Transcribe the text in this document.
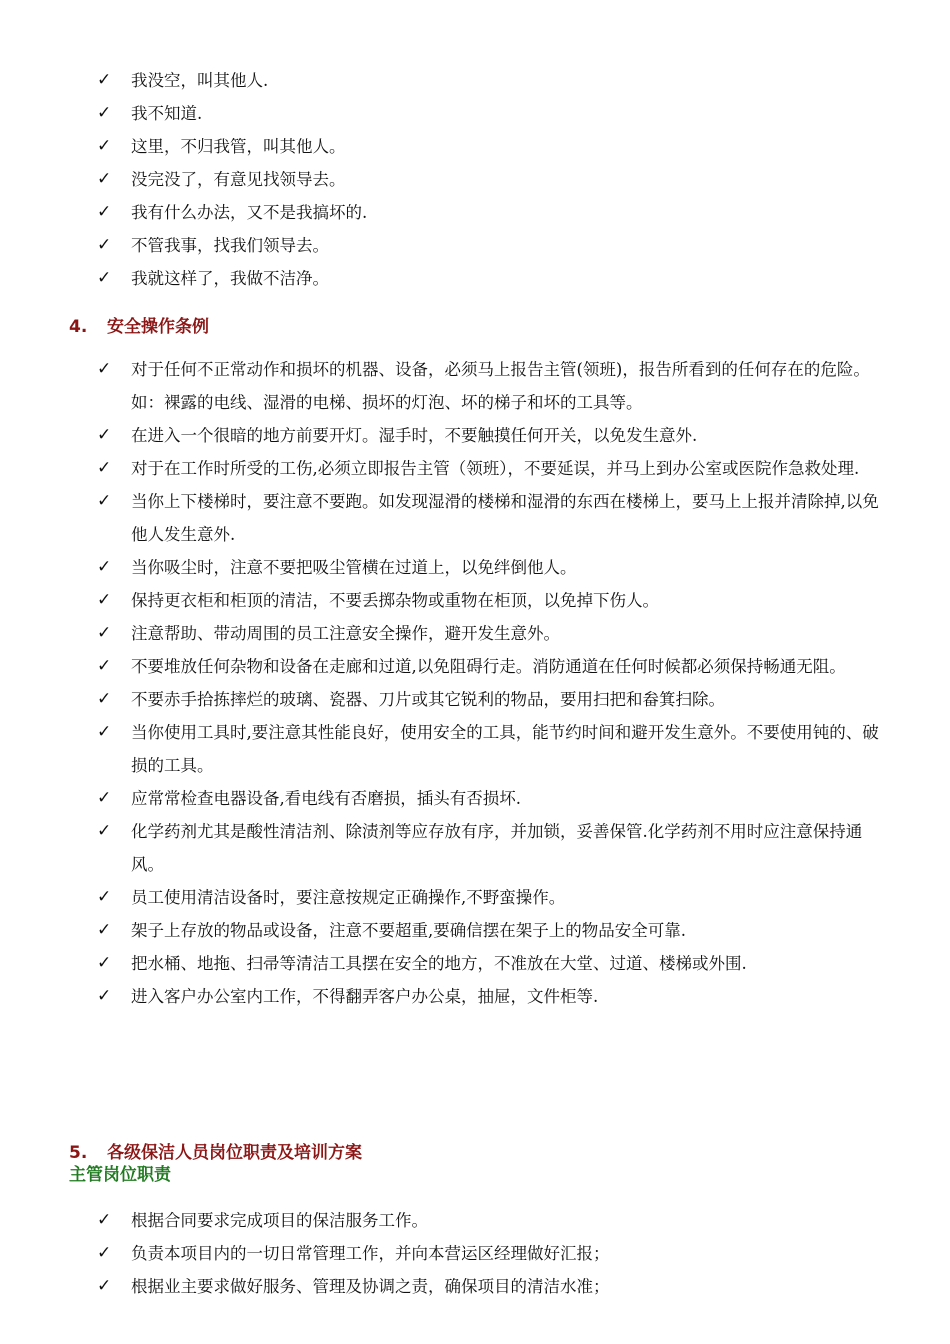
✓ 我没空，叫其他人.
✓ 我不知道.
✓ 这里，不归我管，叫其他人。
✓ 没完没了，有意见找领导去。
✓ 我有什么办法，又不是我搞坏的.
✓ 不管我事，找我们领导去。
✓ 我就这样了，我做不洁净。
4. 安全操作条例
✓ 对于任何不正常动作和损坏的机器、设备，必须马上报告主管(领班)，报告所看到的任何存在的危险。如：裸露的电线、湿滑的电梯、损坏的灯泡、坏的梯子和坏的工具等。
✓ 在进入一个很暗的地方前要开灯。湿手时，不要触摸任何开关，以免发生意外.
✓ 对于在工作时所受的工伤,必须立即报告主管（领班），不要延误，并马上到办公室或医院作急救处理.
✓ 当你上下楼梯时，要注意不要跑。如发现湿滑的楼梯和湿滑的东西在楼梯上，要马上上报并清除掉,以免他人发生意外.
✓ 当你吸尘时，注意不要把吸尘管横在过道上，以免绊倒他人。
✓ 保持更衣柜和柜顶的清洁，不要丢掷杂物或重物在柜顶，以免掉下伤人。
✓ 注意帮助、带动周围的员工注意安全操作，避开发生意外。
✓ 不要堆放任何杂物和设备在走廊和过道,以免阻碍行走。消防通道在任何时候都必须保持畅通无阻。
✓ 不要赤手拾拣摔烂的玻璃、瓷器、刀片或其它锐利的物品，要用扫把和畚箕扫除。
✓ 当你使用工具时,要注意其性能良好，使用安全的工具，能节约时间和避开发生意外。不要使用钝的、破损的工具。
✓ 应常常检查电器设备,看电线有否磨损，插头有否损坏.
✓ 化学药剂尤其是酸性清洁剂、除渍剂等应存放有序，并加锁，妥善保管.化学药剂不用时应注意保持通风。
✓ 员工使用清洁设备时，要注意按规定正确操作,不野蛮操作。
✓ 架子上存放的物品或设备，注意不要超重,要确信摆在架子上的物品安全可靠.
✓ 把水桶、地拖、扫帚等清洁工具摆在安全的地方，不准放在大堂、过道、楼梯或外围.
✓ 进入客户办公室内工作，不得翻弄客户办公桌，抽屉，文件柜等.
5. 各级保洁人员岗位职责及培训方案
主管岗位职责
✓ 根据合同要求完成项目的保洁服务工作。
✓ 负责本项目内的一切日常管理工作，并向本营运区经理做好汇报；
✓ 根据业主要求做好服务、管理及协调之责，确保项目的清洁水准；
